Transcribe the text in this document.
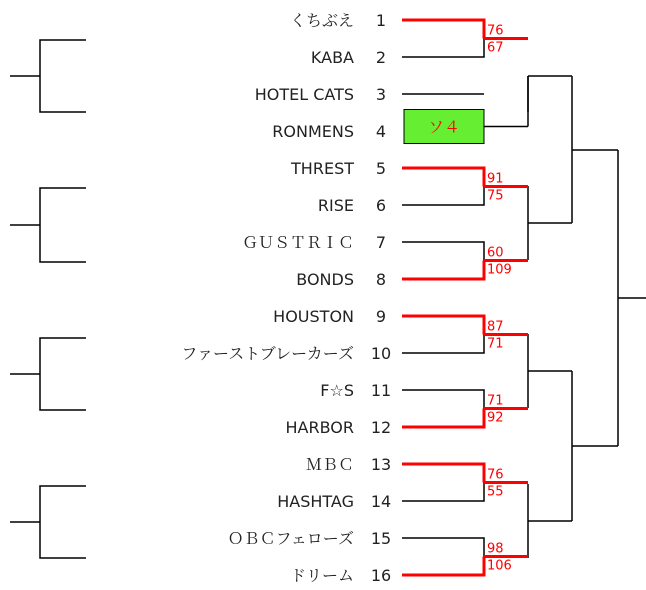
くちぶえ 1
KABA 2
HOTEL CATS 3
RONMENS 4
THREST 5
RISE 6
ＧＵＳＴＲＩＣ 7
BONDS 8
HOUSTON 9
ファーストブレーカーズ 10
F☆S 11
HARBOR 12
ＭＢＣ 13
HASHTAG 14
ＯＢＣフェローズ 15
ドリーム 16
76
67
ソ４
91
75
60
109
87
71
71
92
76
55
98
106
